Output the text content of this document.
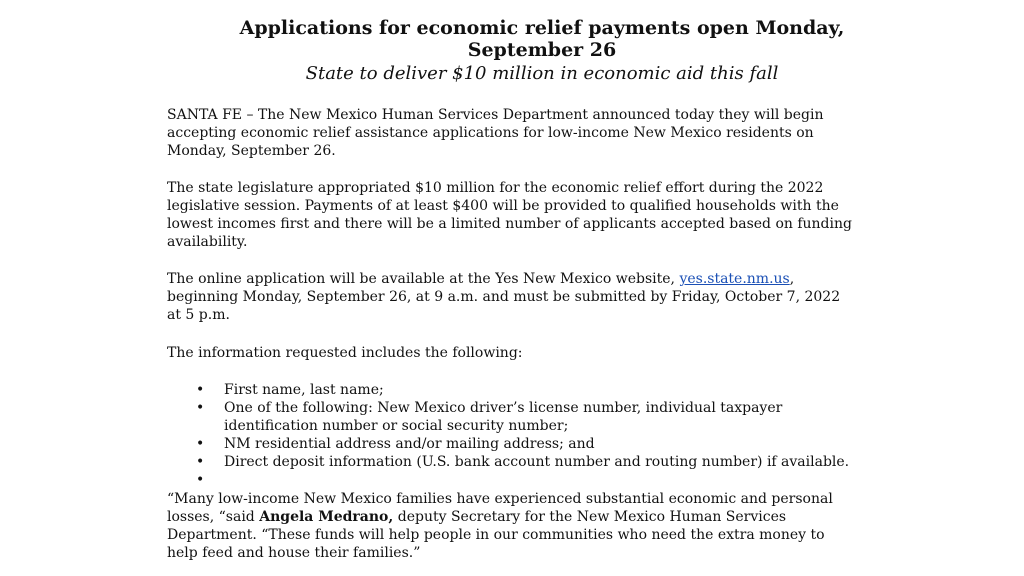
Applications for economic relief payments open Monday,
September 26
State to deliver $10 million in economic aid this fall
SANTA FE – The New Mexico Human Services Department announced today they will begin
accepting economic relief assistance applications for low-income New Mexico residents on
Monday, September 26.
The state legislature appropriated $10 million for the economic relief effort during the 2022
legislative session. Payments of at least $400 will be provided to qualified households with the
lowest incomes first and there will be a limited number of applicants accepted based on funding
availability.
The online application will be available at the Yes New Mexico website, yes.state.nm.us,
beginning Monday, September 26, at 9 a.m. and must be submitted by Friday, October 7, 2022
at 5 p.m.
The information requested includes the following:
• First name, last name;
• One of the following: New Mexico driver’s license number, individual taxpayer
identification number or social security number;
• NM residential address and/or mailing address; and
• Direct deposit information (U.S. bank account number and routing number) if available.
•

“Many low-income New Mexico families have experienced substantial economic and personal
losses, “said Angela Medrano, deputy Secretary for the New Mexico Human Services
Department. “These funds will help people in our communities who need the extra money to
help feed and house their families.”
